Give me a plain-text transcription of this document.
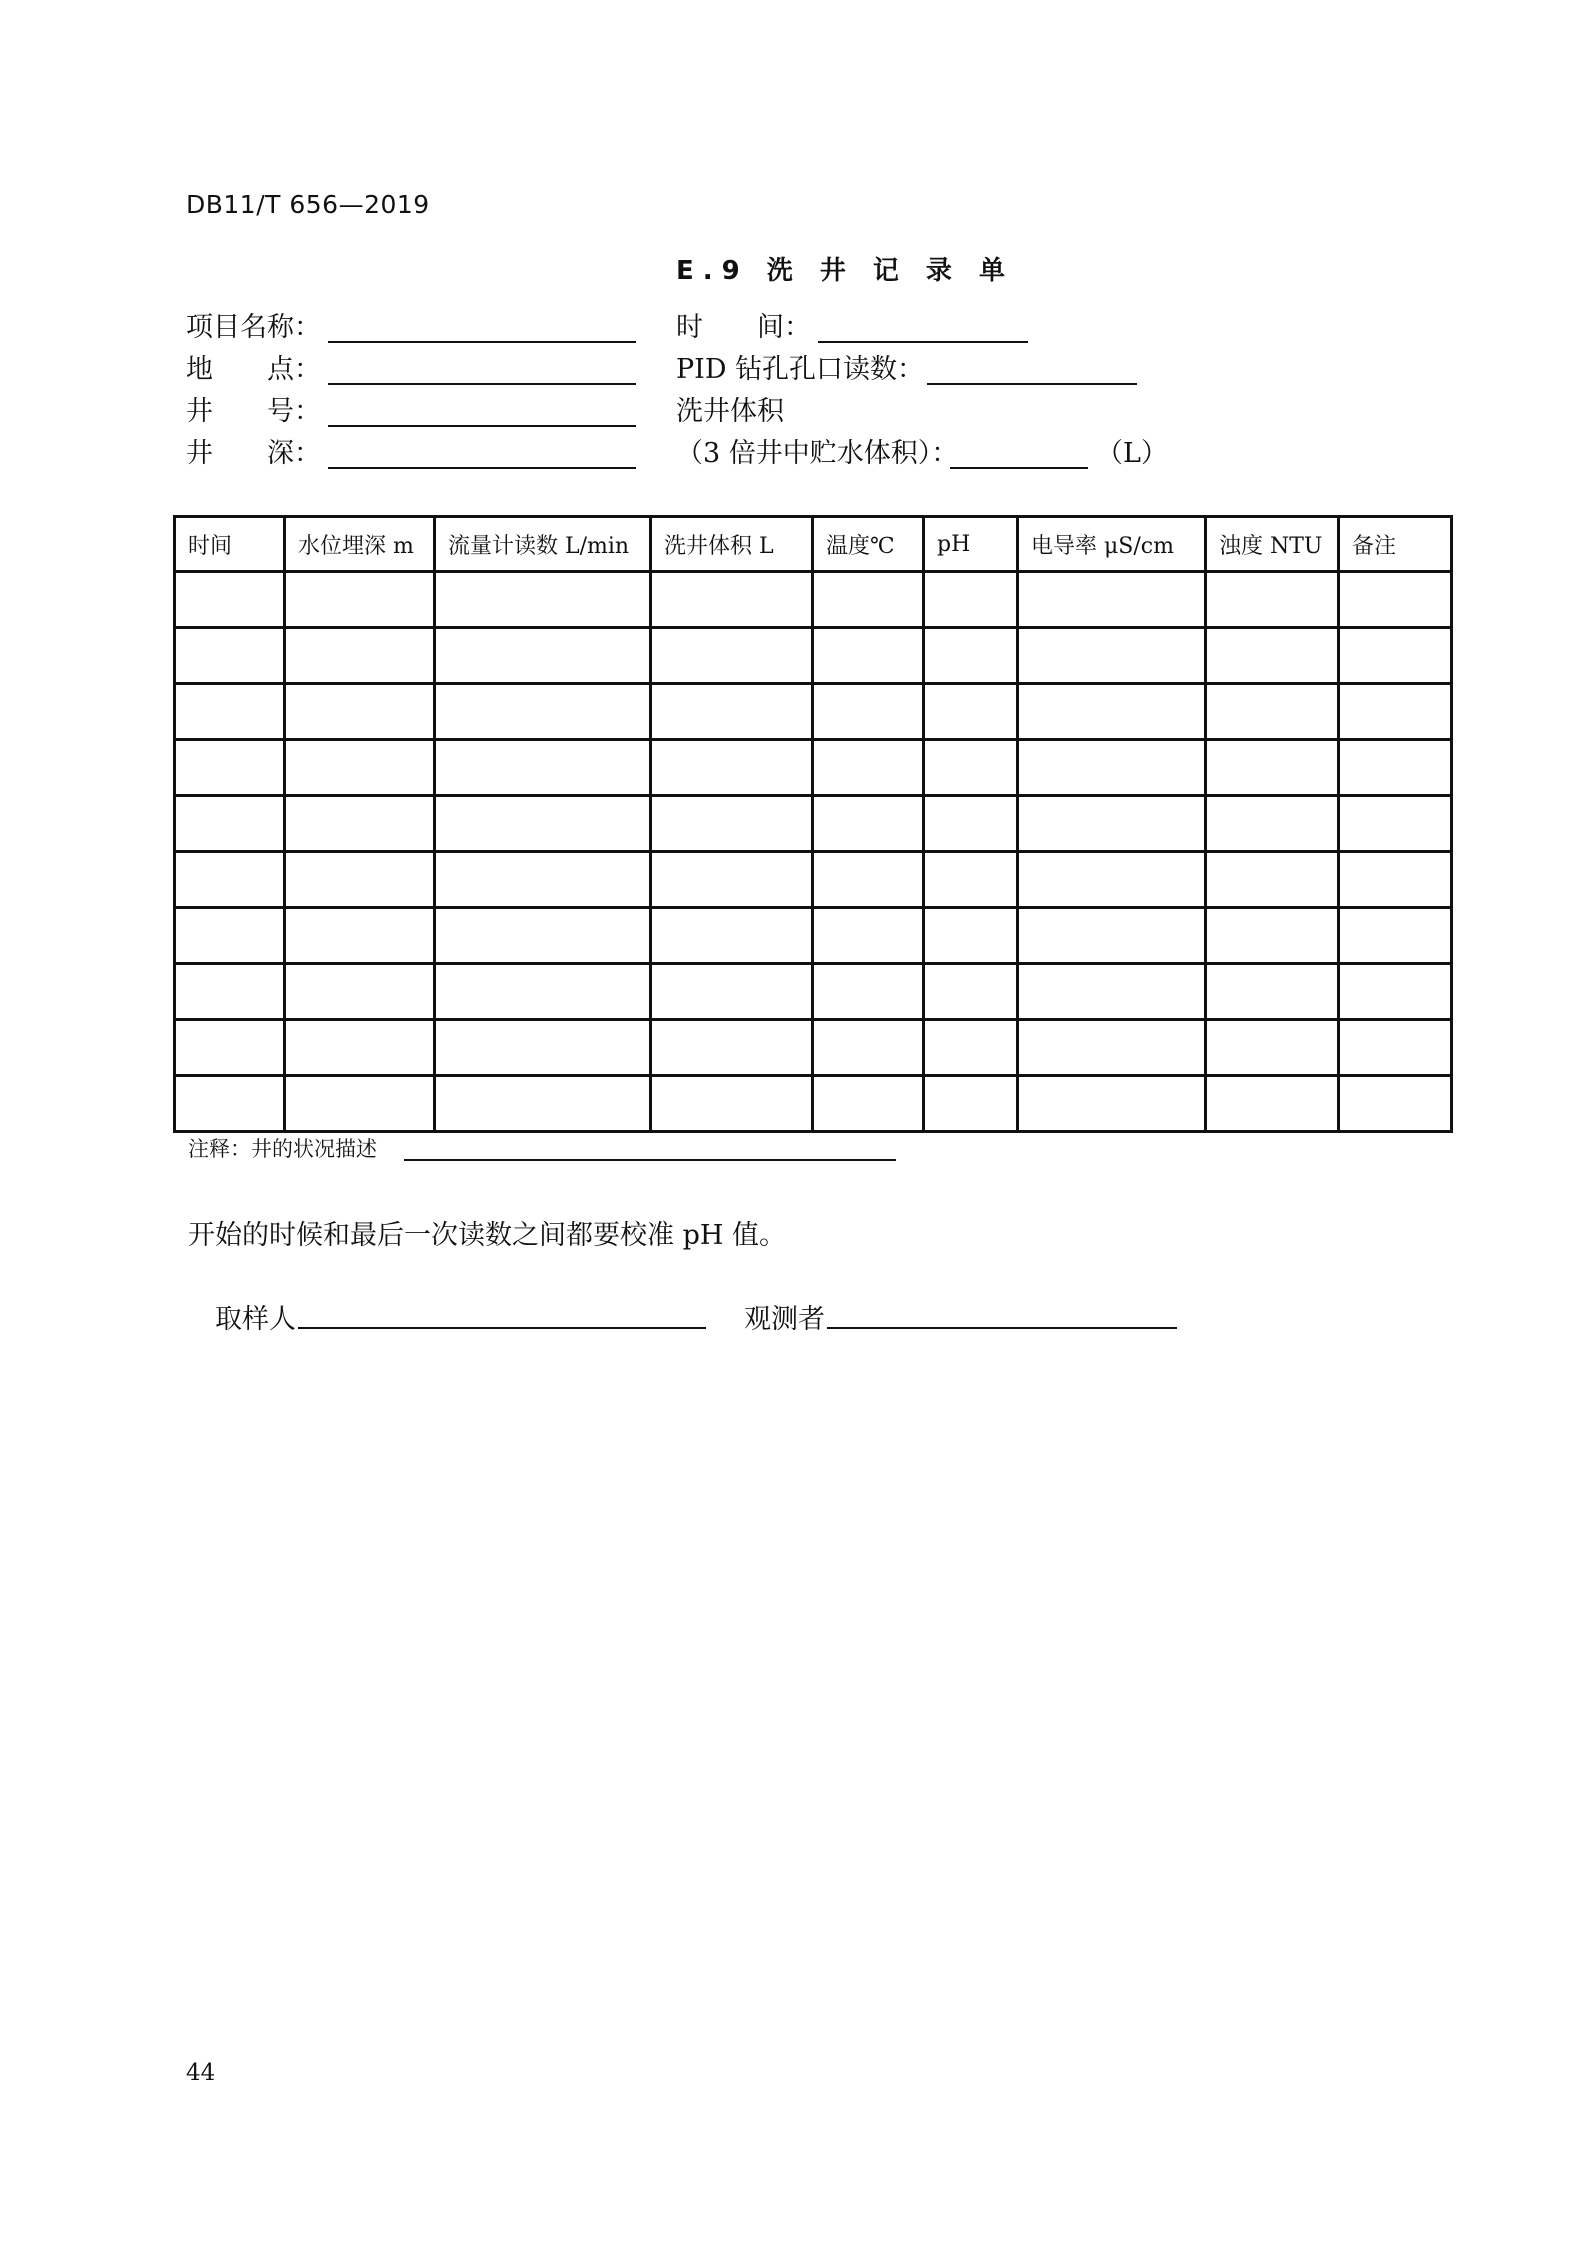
DB11/T 656—2019
E.9 洗 井 记 录 单
项目名称：
地　　点：
井　　号：
井　　深：
时　　间：
PID 钻孔孔口读数：
洗井体积
（3 倍井中贮水体积）：	（L）
时间	水位埋深 m	流量计读数 L/min	洗井体积 L	温度℃	pH	电导率 μS/cm	浊度 NTU	备注

注释：井的状况描述
开始的时候和最后一次读数之间都要校准 pH 值。
取样人	观测者
44
